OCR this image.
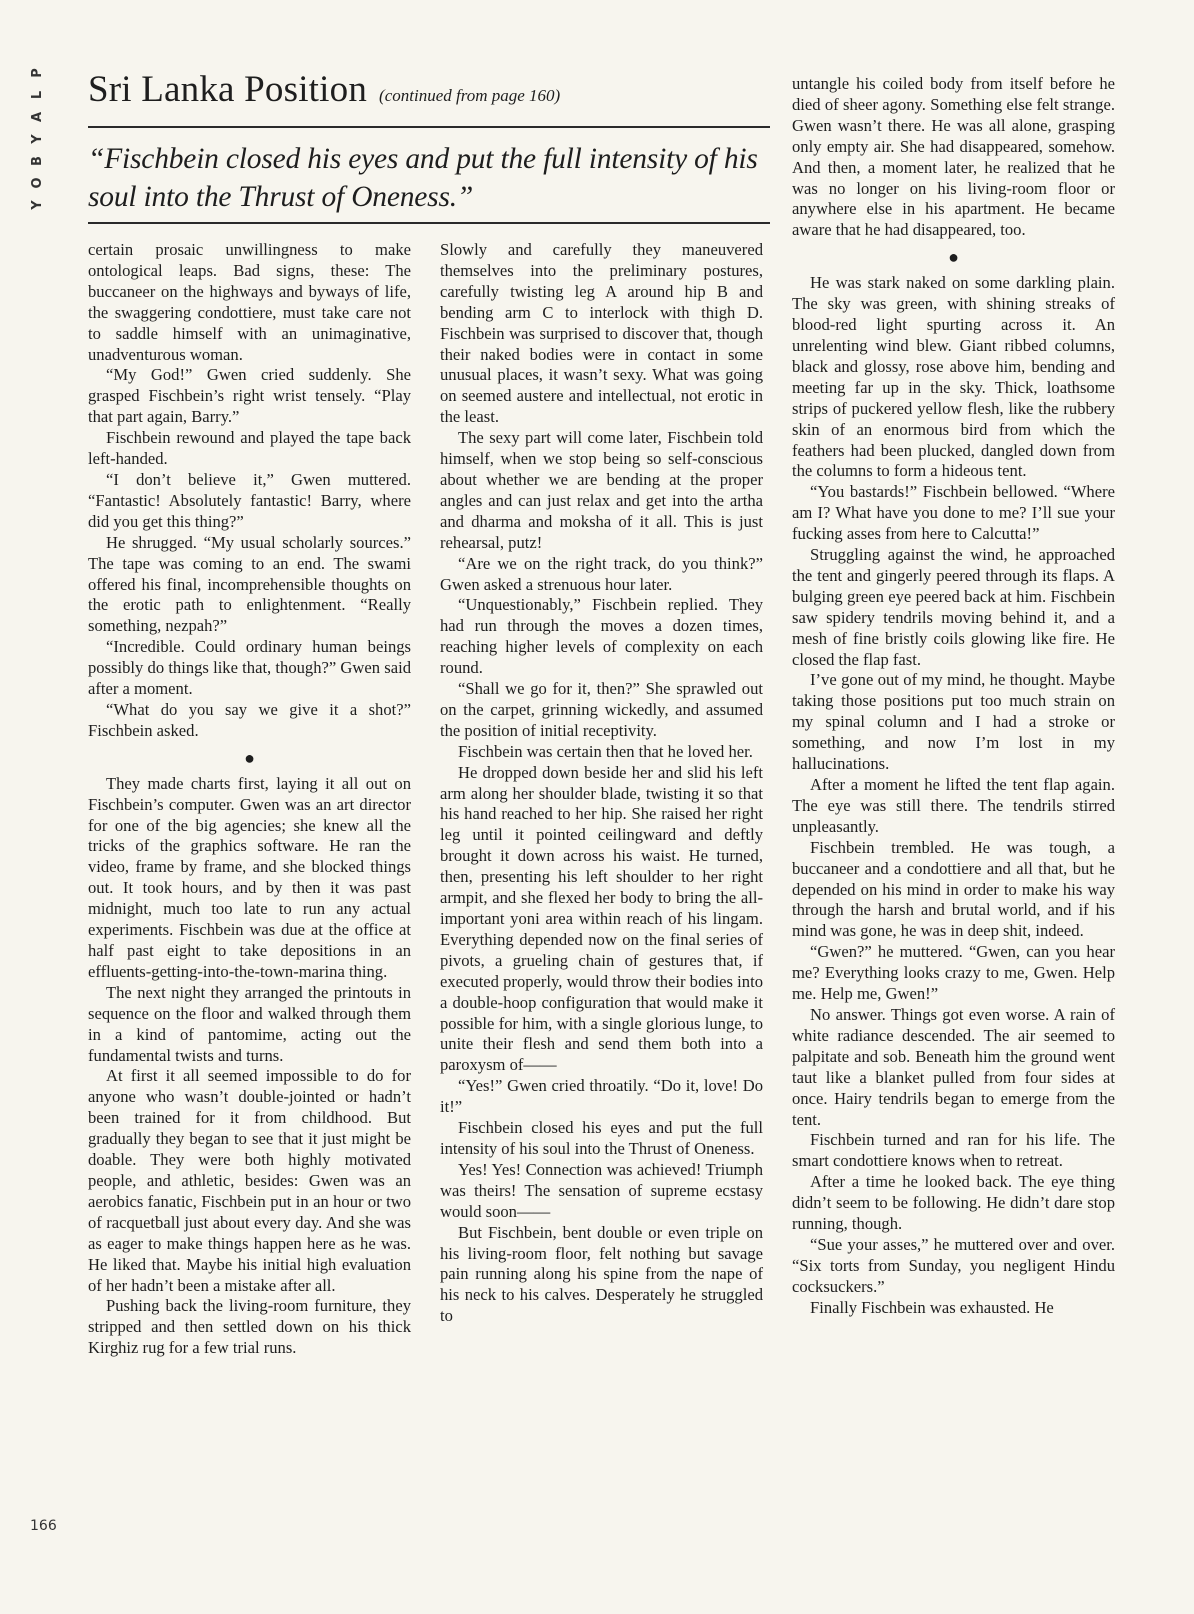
P
L
A
Y
B
O
Y
Sri Lanka Position (continued from page 160)
“Fischbein closed his eyes and put the full intensity of his soul into the Thrust of Oneness.”

certain prosaic unwillingness to make ontological leaps. Bad signs, these: The buccaneer on the highways and byways of life, the swaggering condottiere, must take care not to saddle himself with an unimaginative, unadventurous woman.

“My God!” Gwen cried suddenly. She grasped Fischbein’s right wrist tensely. “Play that part again, Barry.”

Fischbein rewound and played the tape back left-handed.

“I don’t believe it,” Gwen muttered. “Fantastic! Absolutely fantastic! Barry, where did you get this thing?”

He shrugged. “My usual scholarly sources.” The tape was coming to an end. The swami offered his final, incomprehensible thoughts on the erotic path to enlightenment. “Really something, nezpah?”

“Incredible. Could ordinary human beings possibly do things like that, though?” Gwen said after a moment.

“What do you say we give it a shot?” Fischbein asked.

●

They made charts first, laying it all out on Fischbein’s computer. Gwen was an art director for one of the big agencies; she knew all the tricks of the graphics software. He ran the video, frame by frame, and she blocked things out. It took hours, and by then it was past midnight, much too late to run any actual experiments. Fischbein was due at the office at half past eight to take depositions in an effluents-getting-into-the-town-marina thing.

The next night they arranged the printouts in sequence on the floor and walked through them in a kind of pantomime, acting out the fundamental twists and turns.

At first it all seemed impossible to do for anyone who wasn’t double-jointed or hadn’t been trained for it from childhood. But gradually they began to see that it just might be doable. They were both highly motivated people, and athletic, besides: Gwen was an aerobics fanatic, Fischbein put in an hour or two of racquetball just about every day. And she was as eager to make things happen here as he was. He liked that. Maybe his initial high evaluation of her hadn’t been a mistake after all.

Pushing back the living-room furniture, they stripped and then settled down on his thick Kirghiz rug for a few trial runs.

Slowly and carefully they maneuvered themselves into the preliminary postures, carefully twisting leg A around hip B and bending arm C to interlock with thigh D. Fischbein was surprised to discover that, though their naked bodies were in contact in some unusual places, it wasn’t sexy. What was going on seemed austere and intellectual, not erotic in the least.

The sexy part will come later, Fischbein told himself, when we stop being so self-conscious about whether we are bending at the proper angles and can just relax and get into the artha and dharma and moksha of it all. This is just rehearsal, putz!

“Are we on the right track, do you think?” Gwen asked a strenuous hour later.

“Unquestionably,” Fischbein replied. They had run through the moves a dozen times, reaching higher levels of complexity on each round.

“Shall we go for it, then?” She sprawled out on the carpet, grinning wickedly, and assumed the position of initial receptivity.

Fischbein was certain then that he loved her.

He dropped down beside her and slid his left arm along her shoulder blade, twisting it so that his hand reached to her hip. She raised her right leg until it pointed ceilingward and deftly brought it down across his waist. He turned, then, presenting his left shoulder to her right armpit, and she flexed her body to bring the all-important yoni area within reach of his lingam. Everything depended now on the final series of pivots, a grueling chain of gestures that, if executed properly, would throw their bodies into a double-hoop configuration that would make it possible for him, with a single glorious lunge, to unite their flesh and send them both into a paroxysm of——

“Yes!” Gwen cried throatily. “Do it, love! Do it!”

Fischbein closed his eyes and put the full intensity of his soul into the Thrust of Oneness.

Yes! Yes! Connection was achieved! Triumph was theirs! The sensation of supreme ecstasy would soon——

But Fischbein, bent double or even triple on his living-room floor, felt nothing but savage pain running along his spine from the nape of his neck to his calves. Desperately he struggled to

untangle his coiled body from itself before he died of sheer agony. Something else felt strange. Gwen wasn’t there. He was all alone, grasping only empty air. She had disappeared, somehow. And then, a moment later, he realized that he was no longer on his living-room floor or anywhere else in his apartment. He became aware that he had disappeared, too.

●

He was stark naked on some darkling plain. The sky was green, with shining streaks of blood-red light spurting across it. An unrelenting wind blew. Giant ribbed columns, black and glossy, rose above him, bending and meeting far up in the sky. Thick, loathsome strips of puckered yellow flesh, like the rubbery skin of an enormous bird from which the feathers had been plucked, dangled down from the columns to form a hideous tent.

“You bastards!” Fischbein bellowed. “Where am I? What have you done to me? I’ll sue your fucking asses from here to Calcutta!”

Struggling against the wind, he approached the tent and gingerly peered through its flaps. A bulging green eye peered back at him. Fischbein saw spidery tendrils moving behind it, and a mesh of fine bristly coils glowing like fire. He closed the flap fast.

I’ve gone out of my mind, he thought. Maybe taking those positions put too much strain on my spinal column and I had a stroke or something, and now I’m lost in my hallucinations.

After a moment he lifted the tent flap again. The eye was still there. The tendrils stirred unpleasantly.

Fischbein trembled. He was tough, a buccaneer and a condottiere and all that, but he depended on his mind in order to make his way through the harsh and brutal world, and if his mind was gone, he was in deep shit, indeed.

“Gwen?” he muttered. “Gwen, can you hear me? Everything looks crazy to me, Gwen. Help me. Help me, Gwen!”

No answer. Things got even worse. A rain of white radiance descended. The air seemed to palpitate and sob. Beneath him the ground went taut like a blanket pulled from four sides at once. Hairy tendrils began to emerge from the tent.

Fischbein turned and ran for his life. The smart condottiere knows when to retreat.

After a time he looked back. The eye thing didn’t seem to be following. He didn’t dare stop running, though.

“Sue your asses,” he muttered over and over. “Six torts from Sunday, you negligent Hindu cocksuckers.”

Finally Fischbein was exhausted. He

166
